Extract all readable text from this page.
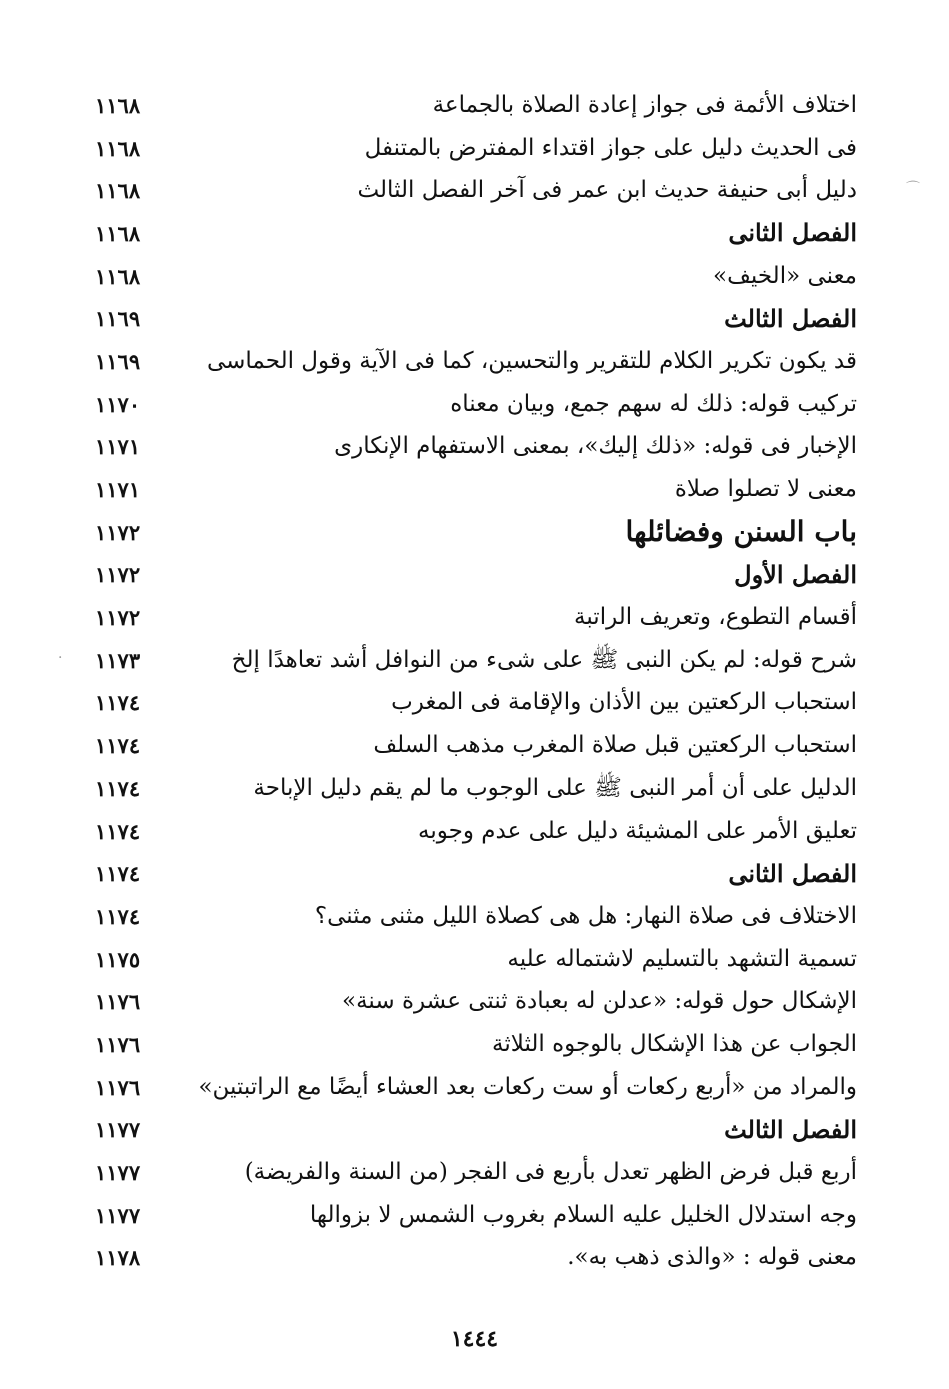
اختلاف الأئمة فى جواز إعادة الصلاة بالجماعة
١١٦٨
فى الحديث دليل على جواز اقتداء المفترض بالمتنفل
١١٦٨
دليل أبى حنيفة حديث ابن عمر فى آخر الفصل الثالث
١١٦٨
الفصل الثانى
١١٦٨
معنى «الخيف»
١١٦٨
الفصل الثالث
١١٦٩
قد يكون تكرير الكلام للتقرير والتحسين، كما فى الآية وقول الحماسى
١١٦٩
تركيب قوله: ذلك له سهم جمع، وبيان معناه
١١٧٠
الإخبار فى قوله: «ذلك إليك»، بمعنى الاستفهام الإنكارى
١١٧١
معنى لا تصلوا صلاة
١١٧١
باب السنن وفضائلها
١١٧٢
الفصل الأول
١١٧٢
أقسام التطوع، وتعريف الراتبة
١١٧٢
شرح قوله: لم يكن النبى ﷺ على شىء من النوافل أشد تعاهدًا إلخ
١١٧٣
استحباب الركعتين بين الأذان والإقامة فى المغرب
١١٧٤
استحباب الركعتين قبل صلاة المغرب مذهب السلف
١١٧٤
الدليل على أن أمر النبى ﷺ على الوجوب ما لم يقم دليل الإباحة
١١٧٤
تعليق الأمر على المشيئة دليل على عدم وجوبه
١١٧٤
الفصل الثانى
١١٧٤
الاختلاف فى صلاة النهار: هل هى كصلاة الليل مثنى مثنى؟
١١٧٤
تسمية التشهد بالتسليم لاشتماله عليه
١١٧٥
الإشكال حول قوله: «عدلن له بعبادة ثنتى عشرة سنة»
١١٧٦
الجواب عن هذا الإشكال بالوجوه الثلاثة
١١٧٦
والمراد من «أربع ركعات أو ست ركعات بعد العشاء أيضًا مع الراتبتين»
١١٧٦
الفصل الثالث
١١٧٧
أربع قبل فرض الظهر تعدل بأربع فى الفجر (من السنة والفريضة)
١١٧٧
وجه استدلال الخليل عليه السلام بغروب الشمس لا بزوالها
١١٧٧
معنى قوله : «والذى ذهب به».
١١٧٨
١٤٤٤
⌒
·
